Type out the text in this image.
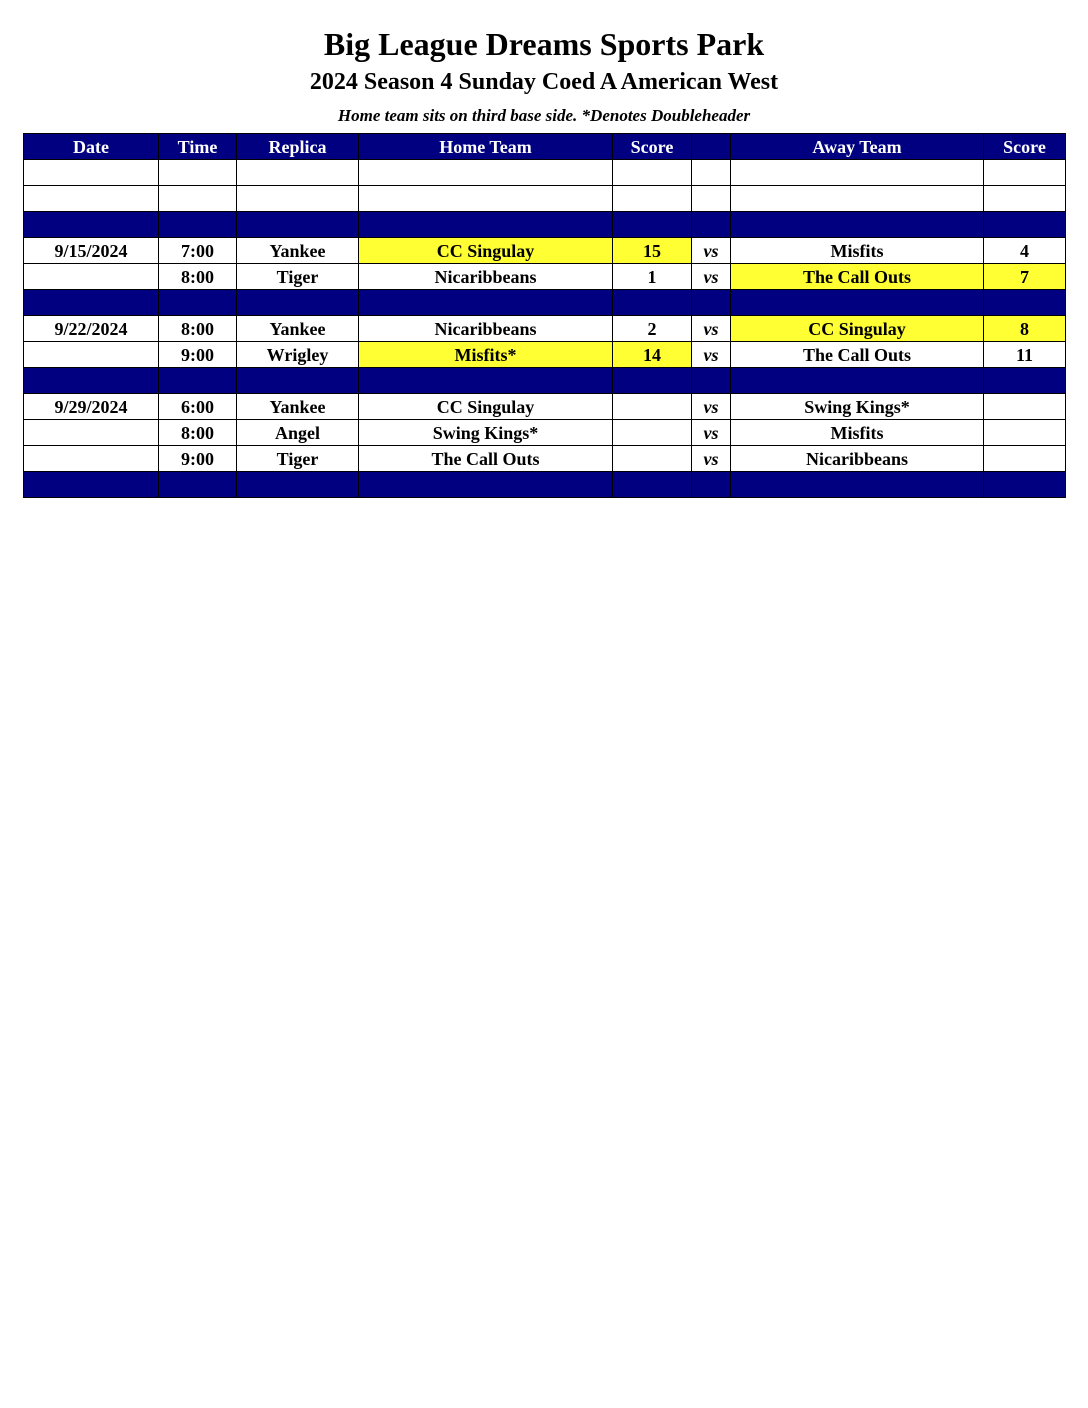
Big League Dreams Sports Park
2024 Season 4 Sunday Coed A American West
Home team sits on third base side. *Denotes Doubleheader
Date	Time	Replica	Home Team	Score		Away Team	Score

9/15/2024	7:00	Yankee	CC Singulay	15	vs	Misfits	4
	8:00	Tiger	Nicaribbeans	1	vs	The Call Outs	7

9/22/2024	8:00	Yankee	Nicaribbeans	2	vs	CC Singulay	8
	9:00	Wrigley	Misfits*	14	vs	The Call Outs	11

9/29/2024	6:00	Yankee	CC Singulay		vs	Swing Kings*	
	8:00	Angel	Swing Kings*		vs	Misfits	
	9:00	Tiger	The Call Outs		vs	Nicaribbeans	
